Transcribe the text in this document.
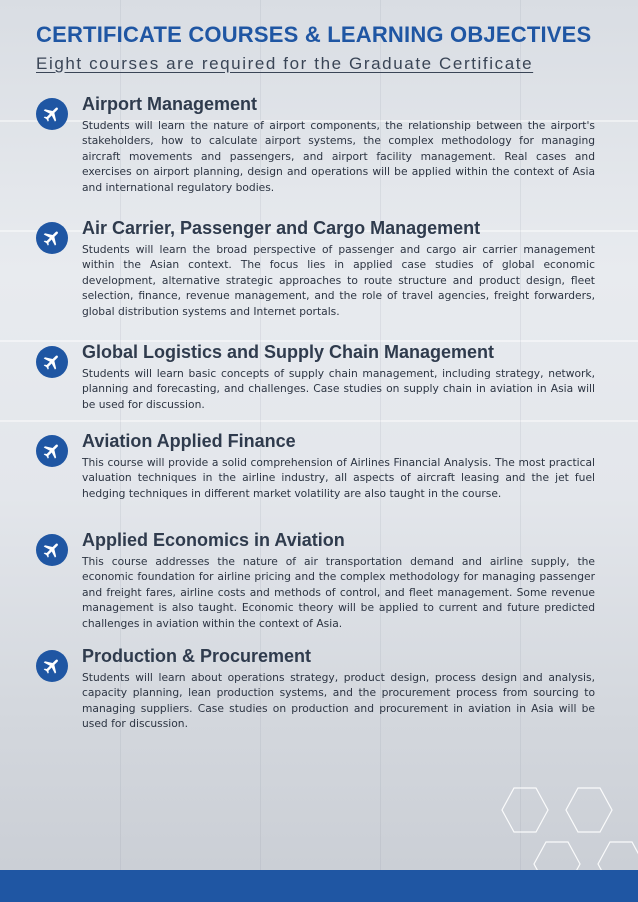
CERTIFICATE COURSES & LEARNING OBJECTIVES
Eight courses are required for the Graduate Certificate
Airport Management

Students will learn the nature of airport components, the relationship between the airport's stakeholders, how to calculate airport systems, the complex methodology for managing aircraft movements and passengers, and airport facility management. Real cases and exercises on airport planning, design and operations will be applied within the context of Asia and international regulatory bodies.

Air Carrier, Passenger and Cargo Management

Students will learn the broad perspective of passenger and cargo air carrier management within the Asian context. The focus lies in applied case studies of global economic development, alternative strategic approaches to route structure and product design, fleet selection, finance, revenue management, and the role of travel agencies, freight forwarders, global distribution systems and Internet portals.

Global Logistics and Supply Chain Management

Students will learn basic concepts of supply chain management, including strategy, network, planning and forecasting, and challenges. Case studies on supply chain in aviation in Asia will be used for discussion.

Aviation Applied Finance

This course will provide a solid comprehension of Airlines Financial Analysis. The most practical valuation techniques in the airline industry, all aspects of aircraft leasing and the jet fuel hedging techniques in different market volatility are also taught in the course.

Applied Economics in Aviation

This course addresses the nature of air transportation demand and airline supply, the economic foundation for airline pricing and the complex methodology for managing passenger and freight fares, airline costs and methods of control, and fleet management. Some revenue management is also taught. Economic theory will be applied to current and future predicted challenges in aviation within the context of Asia.

Production & Procurement

Students will learn about operations strategy, product design, process design and analysis, capacity planning, lean production systems, and the procurement process from sourcing to managing suppliers. Case studies on production and procurement in aviation in Asia will be used for discussion.
